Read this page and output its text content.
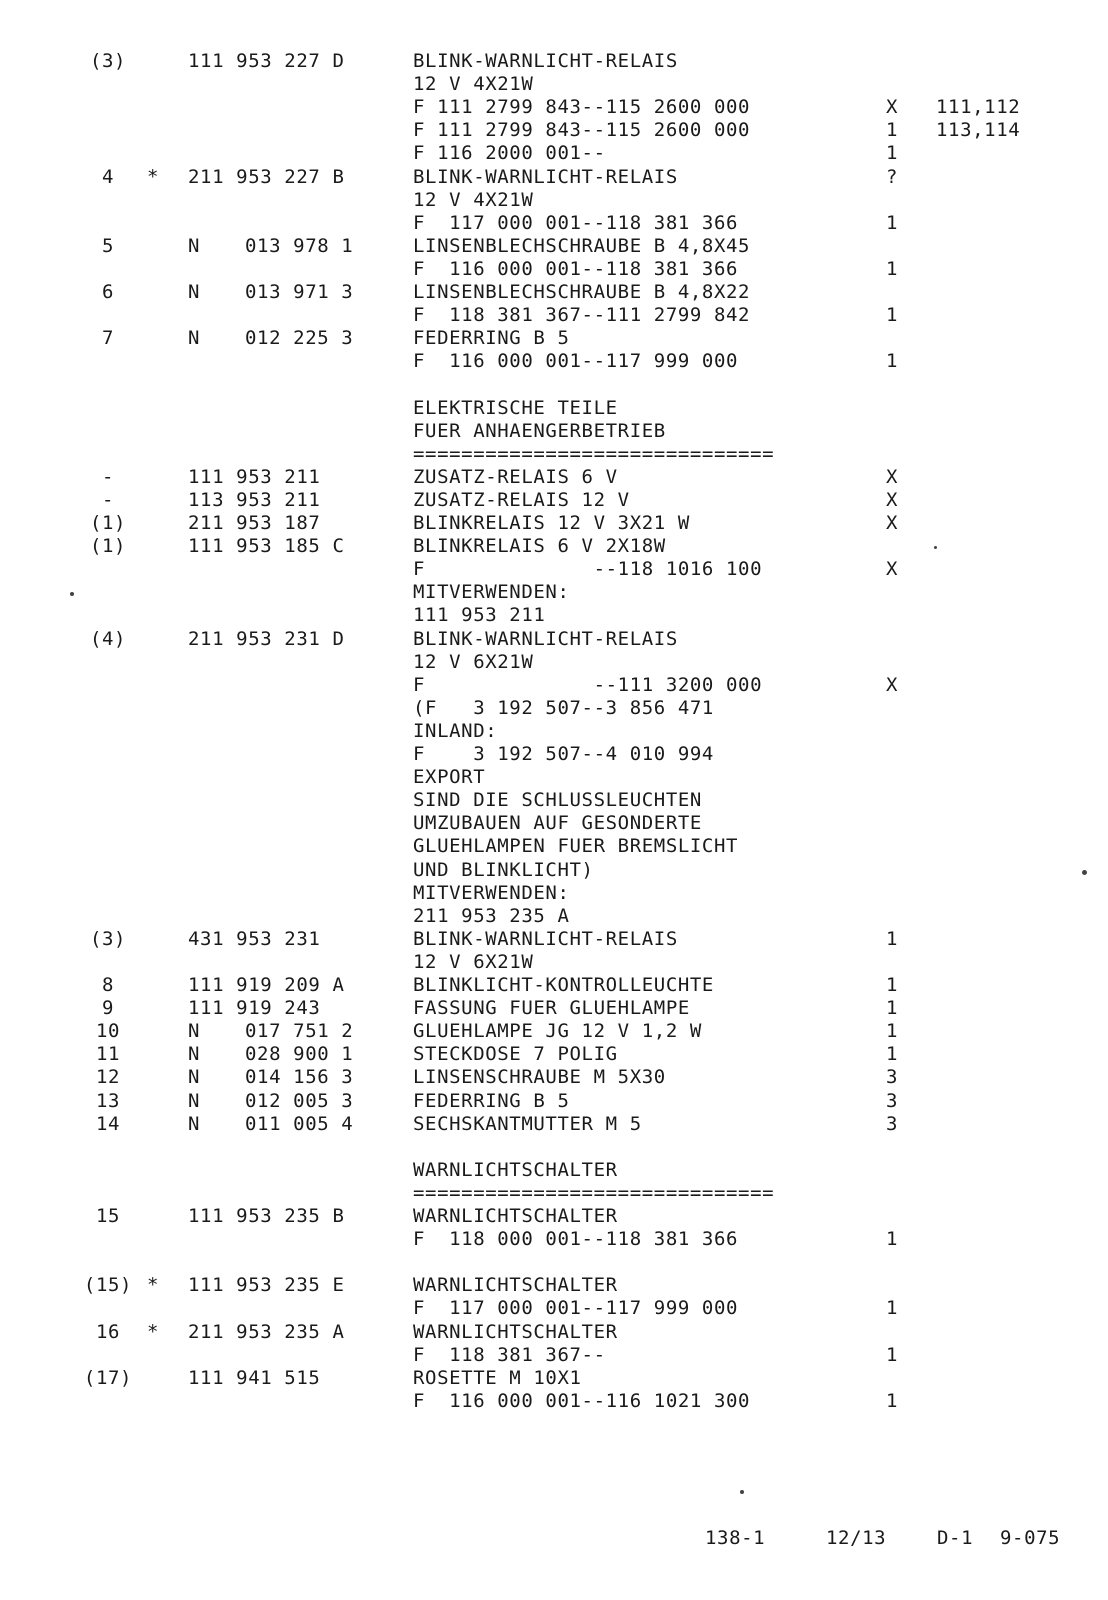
(3)	111 953 227 D	BLINK-WARNLICHT-RELAIS
12 V 4X21W
F 111 2799 843--115 2600 000	X 111,112
F 111 2799 843--115 2600 000	1 113,114
F 116 2000 001--	1
4	* 211 953 227 B	BLINK-WARNLICHT-RELAIS	?
12 V 4X21W
F  117 000 001--118 381 366	1
5	N 013 978 1	LINSENBLECHSCHRAUBE B 4,8X45
F  116 000 001--118 381 366	1
6	N 013 971 3	LINSENBLECHSCHRAUBE B 4,8X22
F  118 381 367--111 2799 842	1
7	N 012 225 3	FEDERRING B 5
F  116 000 001--117 999 000	1
ELEKTRISCHE TEILE
FUER ANHAENGERBETRIEB
==============================
-	111 953 211	ZUSATZ-RELAIS 6 V	X
-	113 953 211	ZUSATZ-RELAIS 12 V	X
(1)	211 953 187	BLINKRELAIS 12 V 3X21 W	X
(1)	111 953 185 C	BLINKRELAIS 6 V 2X18W
F              --118 1016 100	X
MITVERWENDEN:
111 953 211
(4)	211 953 231 D	BLINK-WARNLICHT-RELAIS
12 V 6X21W
F              --111 3200 000	X
(F   3 192 507--3 856 471
INLAND:
F    3 192 507--4 010 994
EXPORT
SIND DIE SCHLUSSLEUCHTEN
UMZUBAUEN AUF GESONDERTE
GLUEHLAMPEN FUER BREMSLICHT
UND BLINKLICHT)
MITVERWENDEN:
211 953 235 A
(3)	431 953 231	BLINK-WARNLICHT-RELAIS	1
12 V 6X21W
8	111 919 209 A	BLINKLICHT-KONTROLLEUCHTE	1
9	111 919 243	FASSUNG FUER GLUEHLAMPE	1
10	N 017 751 2	GLUEHLAMPE JG 12 V 1,2 W	1
11	N 028 900 1	STECKDOSE 7 POLIG	1
12	N 014 156 3	LINSENSCHRAUBE M 5X30	3
13	N 012 005 3	FEDERRING B 5	3
14	N 011 005 4	SECHSKANTMUTTER M 5	3
WARNLICHTSCHALTER
==============================
15	111 953 235 B	WARNLICHTSCHALTER
F  118 000 001--118 381 366	1
(15) * 111 953 235 E	WARNLICHTSCHALTER
F  117 000 001--117 999 000	1
16	* 211 953 235 A	WARNLICHTSCHALTER
F  118 381 367--	1
(17)	111 941 515	ROSETTE M 10X1
F  116 000 001--116 1021 300	1
138-1	12/13	D-1 9-075
